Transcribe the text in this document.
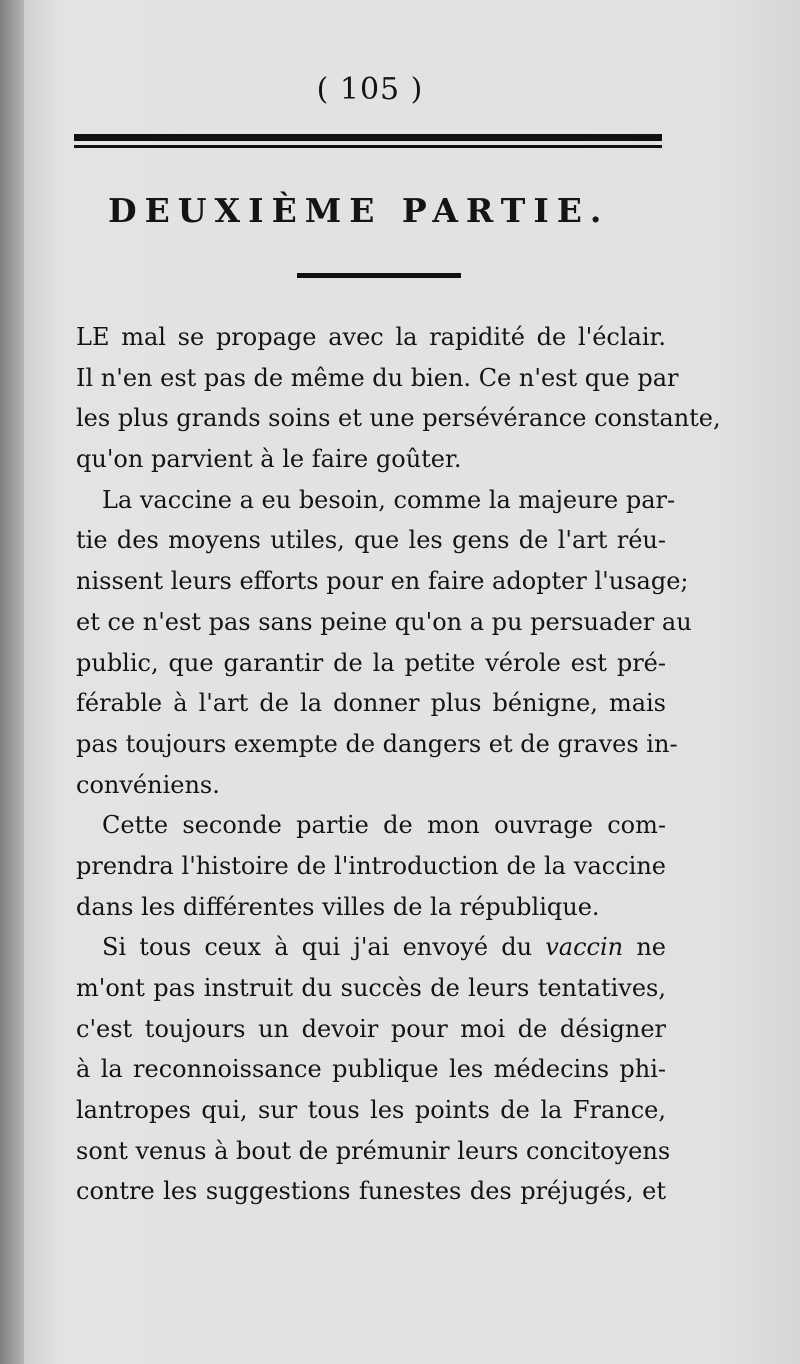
( 105 )
DEUXIÈME PARTIE.
LE mal se propage avec la rapidité de l'éclair.
Il n'en est pas de même du bien. Ce n'est que par
les plus grands soins et une persévérance constante,
qu'on parvient à le faire goûter.
La vaccine a eu besoin, comme la majeure par-
tie des moyens utiles, que les gens de l'art réu-
nissent leurs efforts pour en faire adopter l'usage;
et ce n'est pas sans peine qu'on a pu persuader au
public, que garantir de la petite vérole est pré-
férable à l'art de la donner plus bénigne, mais
pas toujours exempte de dangers et de graves in-
convéniens.
Cette seconde partie de mon ouvrage com-
prendra l'histoire de l'introduction de la vaccine
dans les différentes villes de la république.
Si tous ceux à qui j'ai envoyé du vaccin ne
m'ont pas instruit du succès de leurs tentatives,
c'est toujours un devoir pour moi de désigner
à la reconnoissance publique les médecins phi-
lantropes qui, sur tous les points de la France,
sont venus à bout de prémunir leurs concitoyens
contre les suggestions funestes des préjugés, et
